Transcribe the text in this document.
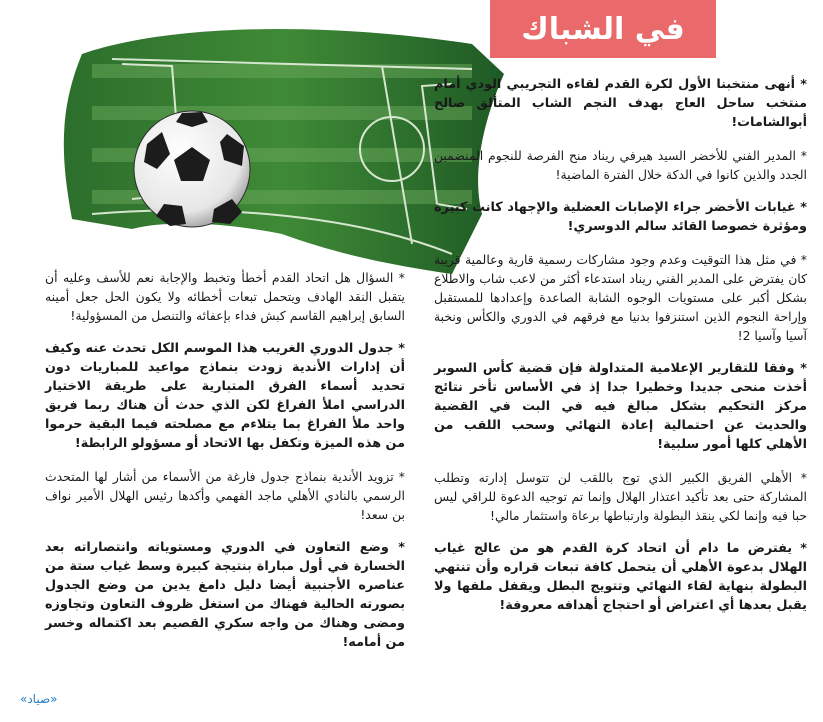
في الشباك

* أنهى منتخبنا الأول لكرة القدم لقاءه التجريبي الودي أمام منتخب ساحل العاج بهدف النجم الشاب المتألق صالح أبوالشامات!

* المدير الفني للأخضر السيد هيرفي ريناد منح الفرصة للنجوم المنضمين الجدد والذين كانوا في الدكة خلال الفترة الماضية!

* غيابات الأخضر جراء الإصابات العضلية والإجهاد كانت كبيرة ومؤثرة خصوصا القائد سالم الدوسري!

* في مثل هذا التوقيت وعدم وجود مشاركات رسمية قارية وعالمية قريبة كان يفترض على المدير الفني ريناد استدعاء أكثر من لاعب شاب والاطلاع بشكل أكبر على مستويات الوجوه الشابة الصاعدة وإعدادها للمستقبل وإراحة النجوم الذين استنزفوا بدنيا مع فرقهم في الدوري والكأس ونخبة آسيا وآسيا 2!

* وفقا للتقارير الإعلامية المتداولة فإن قضية كأس السوبر أخذت منحى جديدا وخطيرا جدا إذ في الأساس تأخر نتائج مركز التحكيم بشكل مبالغ فيه في البت في القضية والحديث عن احتمالية إعادة النهائي وسحب اللقب من الأهلي كلها أمور سلبية!

* الأهلي الفريق الكبير الذي توج باللقب لن تتوسل إدارته وتطلب المشاركة حتى بعد تأكيد اعتذار الهلال وإنما تم توجيه الدعوة للراقي ليس حبا فيه وإنما لكي ينقذ البطولة وارتباطها برعاة واستثمار مالي!

* يفترض ما دام أن اتحاد كرة القدم هو من عالج غياب الهلال بدعوة الأهلي أن يتحمل كافة تبعات قراره وأن تنتهي البطولة بنهاية لقاء النهائي وتتويج البطل ويقفل ملفها ولا يقبل بعدها أي اعتراض أو احتجاج أهدافه معروفة!

* السؤال هل اتحاد القدم أخطأ وتخبط والإجابة نعم للأسف وعليه أن يتقبل النقد الهادف ويتحمل تبعات أخطائه ولا يكون الحل جعل أمينه السابق إبراهيم القاسم كبش فداء بإعفائه والتنصل من المسؤولية!

* جدول الدوري الغريب هذا الموسم الكل تحدث عنه وكيف أن إدارات الأندية زودت بنماذج مواعيد للمباريات دون تحديد أسماء الفرق المتبارية على طريقة الاختيار الدراسي املأ الفراغ لكن الذي حدث أن هناك ربما فريق واحد ملأ الفراغ بما يتلاءم مع مصلحته فيما البقية حرموا من هذه الميزة وتكفل بها الاتحاد أو مسؤولو الرابطة!

* تزويد الأندية بنماذج جدول فارغة من الأسماء من أشار لها المتحدث الرسمي بالنادي الأهلي ماجد الفهمي وأكدها رئيس الهلال الأمير نواف بن سعد!

* وضع التعاون في الدوري ومستوياته وانتصاراته بعد الخسارة في أول مباراة بنتيجة كبيرة وسط غياب ستة من عناصره الأجنبية أيضا دليل دامغ يدين من وضع الجدول بصورته الحالية فهناك من استغل ظروف التعاون وتجاوزه ومضى وهناك من واجه سكري القصيم بعد اكتماله وخسر من أمامه!

«صياد»
